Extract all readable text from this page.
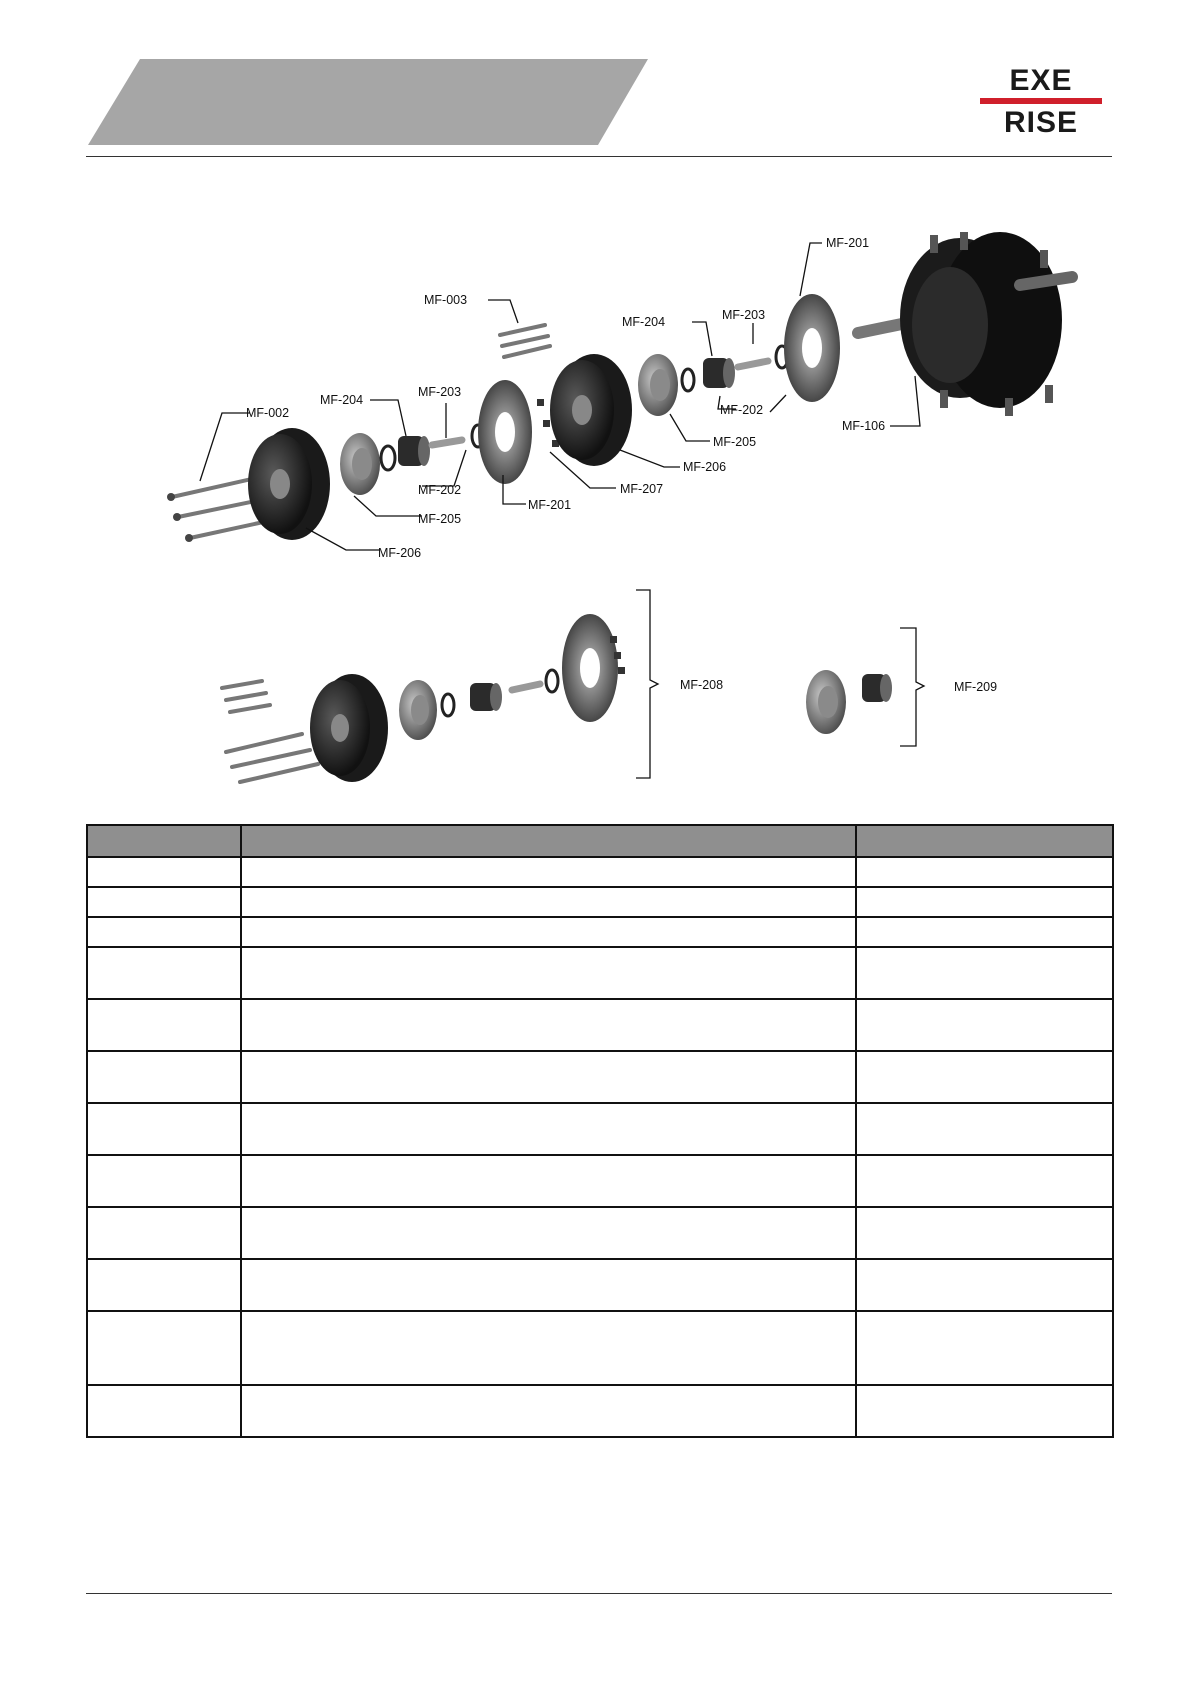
EXE
RISE
MF-002
MF-003
MF-204
MF-203
MF-202
MF-205
MF-206
MF-201
MF-207
MF-206
MF-205
MF-202
MF-204	MF-203
MF-201
MF-106
MF-208	MF-209
